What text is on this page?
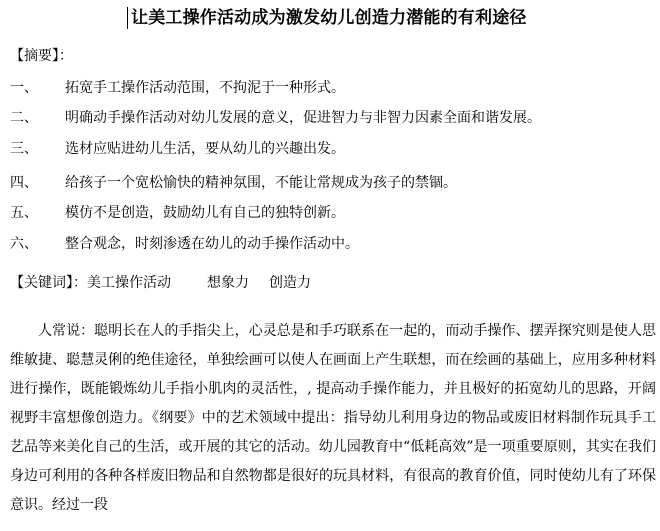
让美工操作活动成为激发幼儿创造力潜能的有利途径
【摘要】：
一、 拓宽手工操作活动范围，不拘泥于一种形式。
二、 明确动手操作活动对幼儿发展的意义，促进智力与非智力因素全面和谐发展。
三、 选材应贴进幼儿生活，要从幼儿的兴趣出发。
四、 给孩子一个宽松愉快的精神氛围，不能让常规成为孩子的禁锢。
五、 模仿不是创造，鼓励幼儿有自己的独特创新。
六、 整合观念，时刻渗透在幼儿的动手操作活动中。
【关键词】：美工操作活动	想象力 创造力
人常说：聪明长在人的手指尖上，心灵总是和手巧联系在一起的，而动手操作、摆弄探究则是使人思维敏捷、聪慧灵俐的绝佳途径，单独绘画可以使人在画面上产生联想，而在绘画的基础上，应用多种材料进行操作，既能锻炼幼儿手指小肌肉的灵活性，, 提高动手操作能力，并且极好的拓宽幼儿的思路，开阔视野丰富想像创造力。《纲要》中的艺术领域中提出：指导幼儿利用身边的物品或废旧材料制作玩具手工艺品等来美化自己的生活，或开展的其它的活动。幼儿园教育中“低耗高效”是一项重要原则，其实在我们身边可利用的各种各样废旧物品和自然物都是很好的玩具材料，有很高的教育价值，同时使幼儿有了环保意识。经过一段
